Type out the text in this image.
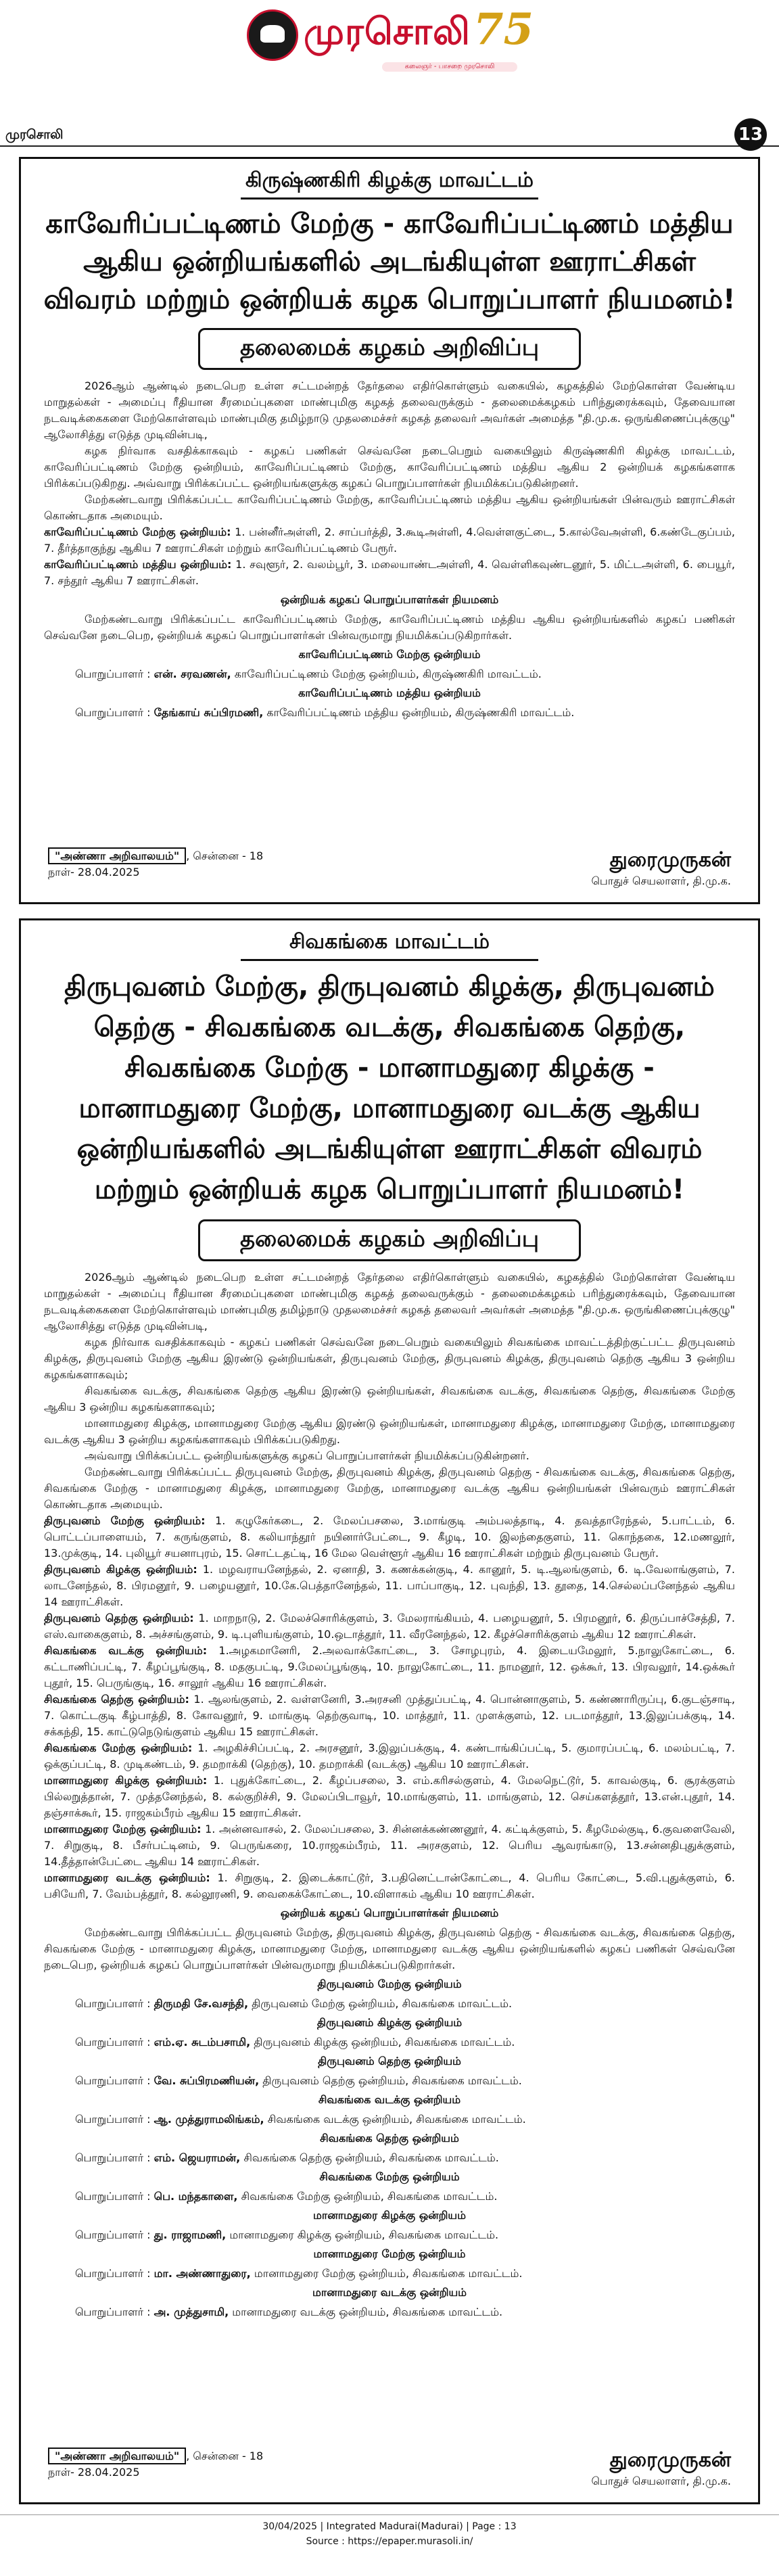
முரசொலி 75
கலைஞர் - பாசறை முரசொலி
முரசொலி	13
கிருஷ்ணகிரி கிழக்கு மாவட்டம்
காவேரிப்பட்டிணம் மேற்கு - காவேரிப்பட்டிணம் மத்திய ஆகிய ஒன்றியங்களில் அடங்கியுள்ள ஊராட்சிகள் விவரம் மற்றும் ஒன்றியக் கழக பொறுப்பாளர் நியமனம்!
தலைமைக் கழகம் அறிவிப்பு

2026ஆம் ஆண்டில் நடைபெற உள்ள சட்டமன்றத் தேர்தலை எதிர்கொள்ளும் வகையில், கழகத்தில் மேற்கொள்ள வேண்டிய மாறுதல்கள் - அமைப்பு ரீதியான சீரமைப்புகளை மாண்புமிகு கழகத் தலைவருக்கும் - தலைமைக்கழகம் பரிந்துரைக்கவும், தேவையான நடவடிக்கைகளை மேற்கொள்ளவும் மாண்புமிகு தமிழ்நாடு முதலமைச்சர் கழகத் தலைவர் அவர்கள் அமைத்த "தி.மு.க. ஒருங்கிணைப்புக்குழு" ஆலோசித்து எடுத்த முடிவின்படி,

கழக நிர்வாக வசதிக்காகவும் - கழகப் பணிகள் செவ்வனே நடைபெறும் வகையிலும் கிருஷ்ணகிரி கிழக்கு மாவட்டம், காவேரிப்பட்டிணம் மேற்கு ஒன்றியம், காவேரிப்பட்டிணம் மேற்கு, காவேரிப்பட்டிணம் மத்திய ஆகிய 2 ஒன்றியக் கழகங்களாக பிரிக்கப்படுகிறது. அவ்வாறு பிரிக்கப்பட்ட ஒன்றியங்களுக்கு கழகப் பொறுப்பாளர்கள் நியமிக்கப்படுகின்றனர்.

மேற்கண்டவாறு பிரிக்கப்பட்ட காவேரிப்பட்டிணம் மேற்கு, காவேரிப்பட்டிணம் மத்திய ஆகிய ஒன்றியங்கள் பின்வரும் ஊராட்சிகள் கொண்டதாக அமையும்.

காவேரிப்பட்டிணம் மேற்கு ஒன்றியம்: 1. பன்னீர்அள்ளி, 2. சாப்பர்த்தி, 3.கூடிஅள்ளி, 4.வெள்ளகுட்டை, 5.கால்வேஅள்ளி, 6.கண்டேகுப்பம், 7. தீர்த்தாகுந்து ஆகிய 7 ஊராட்சிகள் மற்றும் காவேரிப்பட்டிணம் பேரூர்.

காவேரிப்பட்டிணம் மத்திய ஒன்றியம்: 1. சவுளூர், 2. வலம்பூர், 3. மலையாண்டஅள்ளி, 4. வெள்ளிகவுண்டனூர், 5. மிட்டஅள்ளி, 6. பையூர், 7. சந்தூர் ஆகிய 7 ஊராட்சிகள்.

ஒன்றியக் கழகப் பொறுப்பாளர்கள் நியமனம்

மேற்கண்டவாறு பிரிக்கப்பட்ட காவேரிப்பட்டிணம் மேற்கு, காவேரிப்பட்டிணம் மத்திய ஆகிய ஒன்றியங்களில் கழகப் பணிகள் செவ்வனே நடைபெற, ஒன்றியக் கழகப் பொறுப்பாளர்கள் பின்வருமாறு நியமிக்கப்படுகிறார்கள்.

காவேரிப்பட்டிணம் மேற்கு ஒன்றியம்
பொறுப்பாளர் : என். சரவணன், காவேரிப்பட்டிணம் மேற்கு ஒன்றியம், கிருஷ்ணகிரி மாவட்டம்.
காவேரிப்பட்டிணம் மத்திய ஒன்றியம்
பொறுப்பாளர் : தேங்காய் சுப்பிரமணி, காவேரிப்பட்டிணம் மத்திய ஒன்றியம், கிருஷ்ணகிரி மாவட்டம்.
"அண்ணா அறிவாலயம்" , சென்னை - 18
நாள்- 28.04.2025
துரைமுருகன்
பொதுச் செயலாளர், தி.மு.க.
சிவகங்கை மாவட்டம்
திருபுவனம் மேற்கு, திருபுவனம் கிழக்கு, திருபுவனம் தெற்கு - சிவகங்கை வடக்கு, சிவகங்கை தெற்கு, சிவகங்கை மேற்கு - மானாமதுரை கிழக்கு - மானாமதுரை மேற்கு, மானாமதுரை வடக்கு ஆகிய ஒன்றியங்களில் அடங்கியுள்ள ஊராட்சிகள் விவரம் மற்றும் ஒன்றியக் கழக பொறுப்பாளர் நியமனம்!
தலைமைக் கழகம் அறிவிப்பு

2026ஆம் ஆண்டில் நடைபெற உள்ள சட்டமன்றத் தேர்தலை எதிர்கொள்ளும் வகையில், கழகத்தில் மேற்கொள்ள வேண்டிய மாறுதல்கள் - அமைப்பு ரீதியான சீரமைப்புகளை மாண்புமிகு கழகத் தலைவருக்கும் - தலைமைக்கழகம் பரிந்துரைக்கவும், தேவையான நடவடிக்கைகளை மேற்கொள்ளவும் மாண்புமிகு தமிழ்நாடு முதலமைச்சர் கழகத் தலைவர் அவர்கள் அமைத்த "தி.மு.க. ஒருங்கிணைப்புக்குழு" ஆலோசித்து எடுத்த முடிவின்படி,

கழக நிர்வாக வசதிக்காகவும் - கழகப் பணிகள் செவ்வனே நடைபெறும் வகையிலும் சிவகங்கை மாவட்டத்திற்குட்பட்ட திருபுவனம் கிழக்கு, திருபுவனம் மேற்கு ஆகிய இரண்டு ஒன்றியங்கள், திருபுவனம் மேற்கு, திருபுவனம் கிழக்கு, திருபுவனம் தெற்கு ஆகிய 3 ஒன்றிய கழகங்களாகவும்;

சிவகங்கை வடக்கு, சிவகங்கை தெற்கு ஆகிய இரண்டு ஒன்றியங்கள், சிவகங்கை வடக்கு, சிவகங்கை தெற்கு, சிவகங்கை மேற்கு ஆகிய 3 ஒன்றிய கழகங்களாகவும்;

மானாமதுரை கிழக்கு, மானாமதுரை மேற்கு ஆகிய இரண்டு ஒன்றியங்கள், மானாமதுரை கிழக்கு, மானாமதுரை மேற்கு, மானாமதுரை வடக்கு ஆகிய 3 ஒன்றிய கழகங்களாகவும் பிரிக்கப்படுகிறது.

அவ்வாறு பிரிக்கப்பட்ட ஒன்றியங்களுக்கு கழகப் பொறுப்பாளர்கள் நியமிக்கப்படுகின்றனர்.

மேற்கண்டவாறு பிரிக்கப்பட்ட திருபுவனம் மேற்கு, திருபுவனம் கிழக்கு, திருபுவனம் தெற்கு - சிவகங்கை வடக்கு, சிவகங்கை தெற்கு, சிவகங்கை மேற்கு - மானாமதுரை கிழக்கு, மானாமதுரை மேற்கு, மானாமதுரை வடக்கு ஆகிய ஒன்றியங்கள் பின்வரும் ஊராட்சிகள் கொண்டதாக அமையும்.

திருபுவனம் மேற்கு ஒன்றியம்: 1. கழுகேர்கடை, 2. மேலப்பசலை, 3.மாங்குடி அம்பலத்தாடி, 4. தவத்தாரேந்தல், 5.பாட்டம், 6. பொட்டப்பாளையம், 7. கருங்குளம், 8. கலியாந்தூர் நயினார்பேட்டை, 9. கீழடி, 10. இலந்தைகுளம், 11. கொந்தகை, 12.மணலூர், 13.முக்குடி, 14. புலியூர் சயனாபுரம், 15. சொட்டதட்டி, 16 மேல வெள்ளூர் ஆகிய 16 ஊராட்சிகள் மற்றும் திருபுவனம் பேரூர்.

திருபுவனம் கிழக்கு ஒன்றியம்: 1. மழவராயனேந்தல், 2. ஏனாதி, 3. கணக்கன்குடி, 4. கானூர், 5. டி.ஆலங்குளம், 6. டி.வேலாங்குளம், 7. லாடனேந்தல், 8. பிரமனூர், 9. பழையனூர், 10.கே.பெத்தானேந்தல், 11. பாப்பாகுடி, 12. புவந்தி, 13. தூதை, 14.செல்லப்பனேந்தல் ஆகிய 14 ஊராட்சிகள்.

திருபுவனம் தெற்கு ஒன்றியம்: 1. மாறநாடு, 2. மேலச்சொரிக்குளம், 3. மேலராங்கியம், 4. பழையனூர், 5. பிரமனூர், 6. திருப்பாச்சேத்தி, 7. எஸ்.வாகைகுளம், 8. அச்சங்குளம், 9. டி.புளியங்குளம், 10.ஒடாத்தூர், 11. வீரனேந்தல், 12. கீழச்சொரிக்குளம் ஆகிய 12 ஊராட்சிகள்.

சிவகங்கை வடக்கு ஒன்றியம்: 1.அழகமானேரி, 2.அலவாக்கோட்டை, 3. சோழபுரம், 4. இடையமேலூர், 5.நாலுகோட்டை, 6. கட்டாணிப்பட்டி, 7. கீழப்பூங்குடி, 8. மதகுபட்டி, 9.மேலப்பூங்குடி, 10. நாலுகோட்டை, 11. நாமனூர், 12. ஒக்கூர், 13. பிரவலூர், 14.ஒக்கூர் புதூர், 15. பெருங்குடி, 16. சாலூர் ஆகிய 16 ஊராட்சிகள்.

சிவகங்கை தெற்கு ஒன்றியம்: 1. ஆலங்குளம், 2. வள்ளனேரி, 3.அரசனி முத்துப்பட்டி, 4. பொன்னாகுளம், 5. கண்ணாரிருப்பு, 6.குடஞ்சாடி, 7. கொட்டகுடி கீழ்பாத்தி, 8. கோவனூர், 9. மாங்குடி தெற்குவாடி, 10. மாத்தூர், 11. முளக்குளம், 12. படமாத்தூர், 13.இலுப்பக்குடி, 14. சக்கந்தி, 15. காட்டுநெடுங்குளம் ஆகிய 15 ஊராட்சிகள்.

சிவகங்கை மேற்கு ஒன்றியம்: 1. அழகிச்சிப்பட்டி, 2. அரசனூர், 3.இலுப்பக்குடி, 4. கண்டாங்கிப்பட்டி, 5. குமாரப்பட்டி, 6. மலம்பட்டி, 7. ஒக்குப்பட்டி, 8. முடிகண்டம், 9. தமறாக்கி (தெற்கு), 10. தமறாக்கி (வடக்கு) ஆகிய 10 ஊராட்சிகள்.

மானாமதுரை கிழக்கு ஒன்றியம்: 1. புதுக்கோட்டை, 2. கீழப்பசலை, 3. எம்.கரிசல்குளம், 4. மேலநெட்டூர், 5. காவல்குடி, 6. சூரக்குளம் பில்லறுத்தான், 7. முத்தனேந்தல், 8. கல்குறிச்சி, 9. மேலப்பிடாவூர், 10.மாங்குளம், 11. மாங்குளம், 12. செய்களத்தூர், 13.என்.புதூர், 14. தஞ்சாக்கூர், 15. ராஜகம்பீரம் ஆகிய 15 ஊராட்சிகள்.

மானாமதுரை மேற்கு ஒன்றியம்: 1. அன்னவாசல், 2. மேலப்பசலை, 3. சின்னக்கண்ணனூர், 4. கட்டிக்குளம், 5. கீழமேல்குடி, 6.குவளைவேலி, 7. சிறுகுடி, 8. பீசர்பட்டினம், 9. பெருங்கரை, 10.ராஜகம்பீரம், 11. அரசகுளம், 12. பெரிய ஆவரங்காடு, 13.சன்னதிபுதுக்குளம், 14.தீத்தான்பேட்டை ஆகிய 14 ஊராட்சிகள்.

மானாமதுரை வடக்கு ஒன்றியம்: 1. சிறுகுடி, 2. இடைக்காட்டூர், 3.பதினெட்டான்கோட்டை, 4. பெரிய கோட்டை, 5.வி.புதுக்குளம், 6. பசியேரி, 7. வேம்பத்தூர், 8. கல்லூரணி, 9. வைகைக்கோட்டை, 10.விளாகம் ஆகிய 10 ஊராட்சிகள்.

ஒன்றியக் கழகப் பொறுப்பாளர்கள் நியமனம்

மேற்கண்டவாறு பிரிக்கப்பட்ட திருபுவனம் மேற்கு, திருபுவனம் கிழக்கு, திருபுவனம் தெற்கு - சிவகங்கை வடக்கு, சிவகங்கை தெற்கு, சிவகங்கை மேற்கு - மானாமதுரை கிழக்கு, மானாமதுரை மேற்கு, மானாமதுரை வடக்கு ஆகிய ஒன்றியங்களில் கழகப் பணிகள் செவ்வனே நடைபெற, ஒன்றியக் கழகப் பொறுப்பாளர்கள் பின்வருமாறு நியமிக்கப்படுகிறார்கள்.

திருபுவனம் மேற்கு ஒன்றியம்
பொறுப்பாளர் : திருமதி சே.வசந்தி, திருபுவனம் மேற்கு ஒன்றியம், சிவகங்கை மாவட்டம்.
திருபுவனம் கிழக்கு ஒன்றியம்
பொறுப்பாளர் : எம்.ஏ. சுடம்பசாமி, திருபுவனம் கிழக்கு ஒன்றியம், சிவகங்கை மாவட்டம்.
திருபுவனம் தெற்கு ஒன்றியம்
பொறுப்பாளர் : வே. சுப்பிரமணியன், திருபுவனம் தெற்கு ஒன்றியம், சிவகங்கை மாவட்டம்.
சிவகங்கை வடக்கு ஒன்றியம்
பொறுப்பாளர் : ஆ. முத்துராமலிங்கம், சிவகங்கை வடக்கு ஒன்றியம், சிவகங்கை மாவட்டம்.
சிவகங்கை தெற்கு ஒன்றியம்
பொறுப்பாளர் : எம். ஜெயராமன், சிவகங்கை தெற்கு ஒன்றியம், சிவகங்கை மாவட்டம்.
சிவகங்கை மேற்கு ஒன்றியம்
பொறுப்பாளர் : பெ. மந்தகாளை, சிவகங்கை மேற்கு ஒன்றியம், சிவகங்கை மாவட்டம்.
மானாமதுரை கிழக்கு ஒன்றியம்
பொறுப்பாளர் : து. ராஜாமணி, மானாமதுரை கிழக்கு ஒன்றியம், சிவகங்கை மாவட்டம்.
மானாமதுரை மேற்கு ஒன்றியம்
பொறுப்பாளர் : மா. அண்ணாதுரை, மானாமதுரை மேற்கு ஒன்றியம், சிவகங்கை மாவட்டம்.
மானாமதுரை வடக்கு ஒன்றியம்
பொறுப்பாளர் : அ. முத்துசாமி, மானாமதுரை வடக்கு ஒன்றியம், சிவகங்கை மாவட்டம்.
"அண்ணா அறிவாலயம்" , சென்னை - 18
நாள்- 28.04.2025
துரைமுருகன்
பொதுச் செயலாளர், தி.மு.க.
30/04/2025 | Integrated Madurai(Madurai) | Page : 13
Source : https://epaper.murasoli.in/
